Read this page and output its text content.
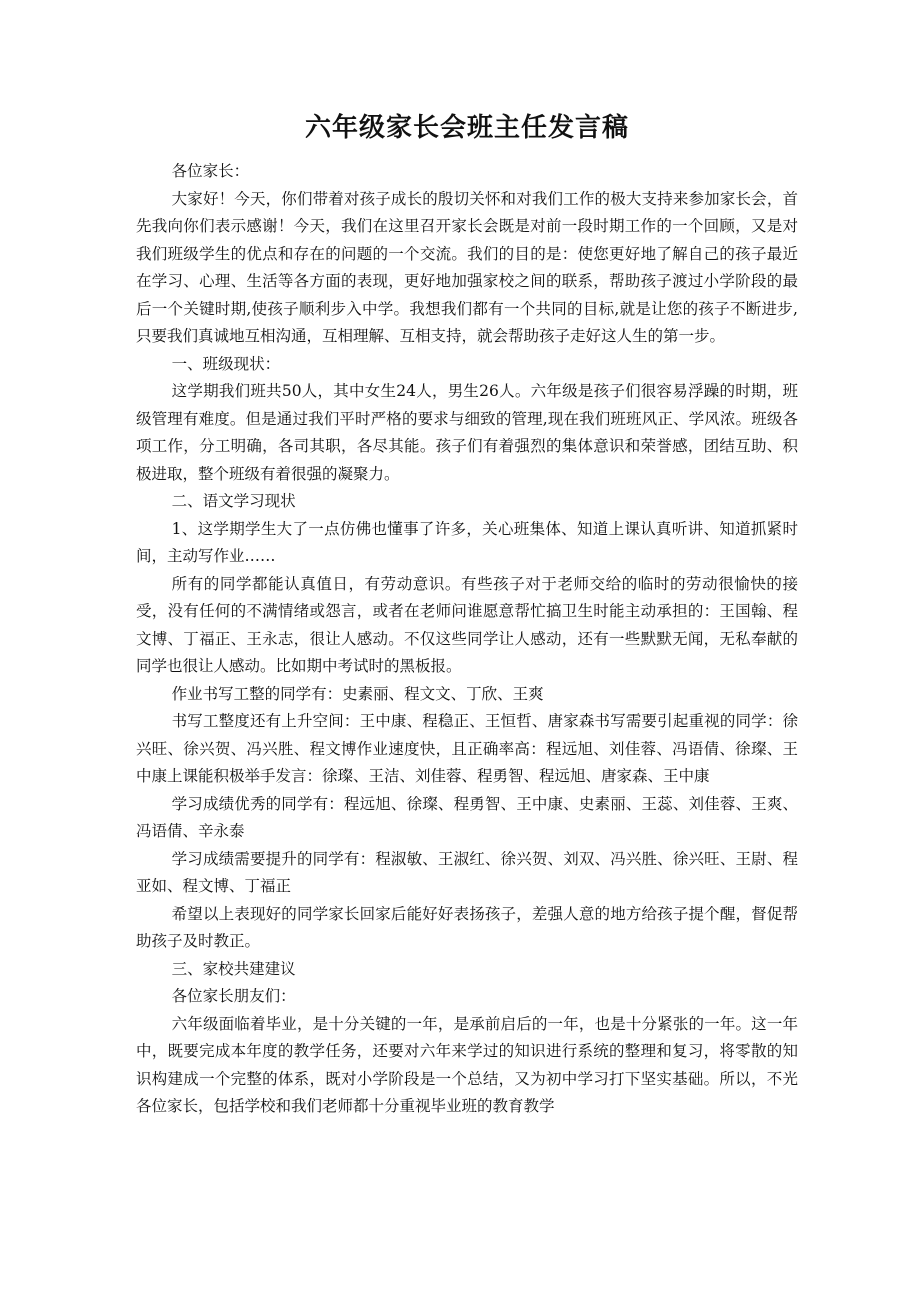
六年级家长会班主任发言稿

各位家长：

大家好！今天，你们带着对孩子成长的殷切关怀和对我们工作的极大支持来参加家长会，首先我向你们表示感谢！今天，我们在这里召开家长会既是对前一段时期工作的一个回顾，又是对我们班级学生的优点和存在的问题的一个交流。我们的目的是：使您更好地了解自己的孩子最近在学习、心理、生活等各方面的表现，更好地加强家校之间的联系，帮助孩子渡过小学阶段的最后一个关键时期,使孩子顺利步入中学。我想我们都有一个共同的目标,就是让您的孩子不断进步,只要我们真诚地互相沟通，互相理解、互相支持，就会帮助孩子走好这人生的第一步。

一、班级现状：

这学期我们班共50人，其中女生24人，男生26人。六年级是孩子们很容易浮躁的时期，班级管理有难度。但是通过我们平时严格的要求与细致的管理,现在我们班班风正、学风浓。班级各项工作，分工明确，各司其职，各尽其能。孩子们有着强烈的集体意识和荣誉感，团结互助、积极进取，整个班级有着很强的凝聚力。

二、语文学习现状

1、这学期学生大了一点仿佛也懂事了许多，关心班集体、知道上课认真听讲、知道抓紧时间，主动写作业……

所有的同学都能认真值日，有劳动意识。有些孩子对于老师交给的临时的劳动很愉快的接受，没有任何的不满情绪或怨言，或者在老师问谁愿意帮忙搞卫生时能主动承担的：王国翰、程文博、丁福正、王永志，很让人感动。不仅这些同学让人感动，还有一些默默无闻，无私奉献的同学也很让人感动。比如期中考试时的黑板报。

作业书写工整的同学有：史素丽、程文文、丁欣、王爽

书写工整度还有上升空间：王中康、程稳正、王恒哲、唐家森书写需要引起重视的同学：徐兴旺、徐兴贺、冯兴胜、程文博作业速度快，且正确率高：程远旭、刘佳蓉、冯语倩、徐璨、王中康上课能积极举手发言：徐璨、王洁、刘佳蓉、程勇智、程远旭、唐家森、王中康

学习成绩优秀的同学有：程远旭、徐璨、程勇智、王中康、史素丽、王蕊、刘佳蓉、王爽、冯语倩、辛永泰

学习成绩需要提升的同学有：程淑敏、王淑红、徐兴贺、刘双、冯兴胜、徐兴旺、王尉、程亚如、程文博、丁福正

希望以上表现好的同学家长回家后能好好表扬孩子，差强人意的地方给孩子提个醒，督促帮助孩子及时教正。

三、家校共建建议

各位家长朋友们：

六年级面临着毕业，是十分关键的一年，是承前启后的一年，也是十分紧张的一年。这一年中，既要完成本年度的教学任务，还要对六年来学过的知识进行系统的整理和复习，将零散的知识构建成一个完整的体系，既对小学阶段是一个总结，又为初中学习打下坚实基础。所以，不光各位家长，包括学校和我们老师都十分重视毕业班的教育教学
